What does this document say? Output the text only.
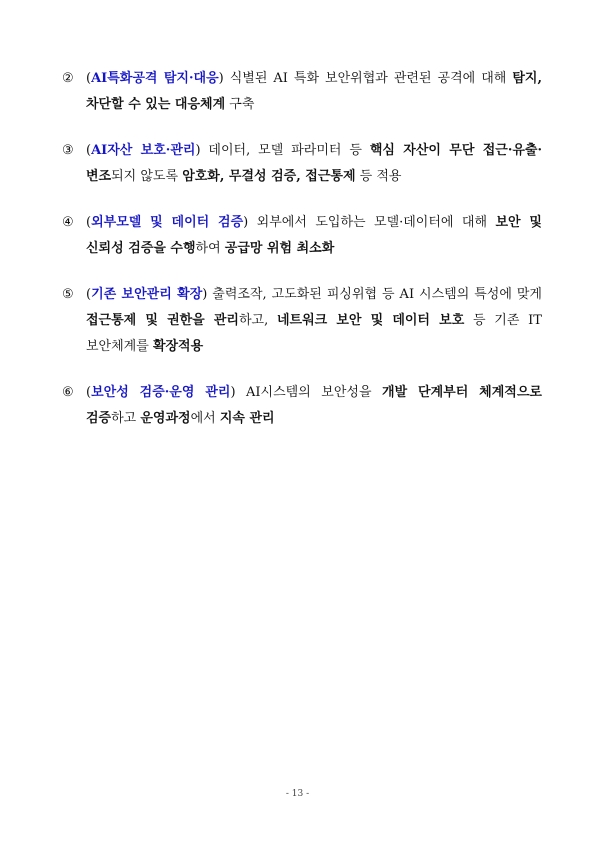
② (AI특화공격 탐지·대응) 식별된 AI 특화 보안위협과 관련된 공격에 대해 탐지, 차단할 수 있는 대응체계 구축
③ (AI자산 보호·관리) 데이터, 모델 파라미터 등 핵심 자산이 무단 접근·유출·변조되지 않도록 암호화, 무결성 검증, 접근통제 등 적용
④ (외부모델 및 데이터 검증) 외부에서 도입하는 모델·데이터에 대해 보안 및 신뢰성 검증을 수행하여 공급망 위험 최소화
⑤ (기존 보안관리 확장) 출력조작, 고도화된 피싱위협 등 AI 시스템의 특성에 맞게 접근통제 및 권한을 관리하고, 네트워크 보안 및 데이터 보호 등 기존 IT 보안체계를 확장적용
⑥ (보안성 검증·운영 관리) AI시스템의 보안성을 개발 단계부터 체계적으로 검증하고 운영과정에서 지속 관리
- 13 -
